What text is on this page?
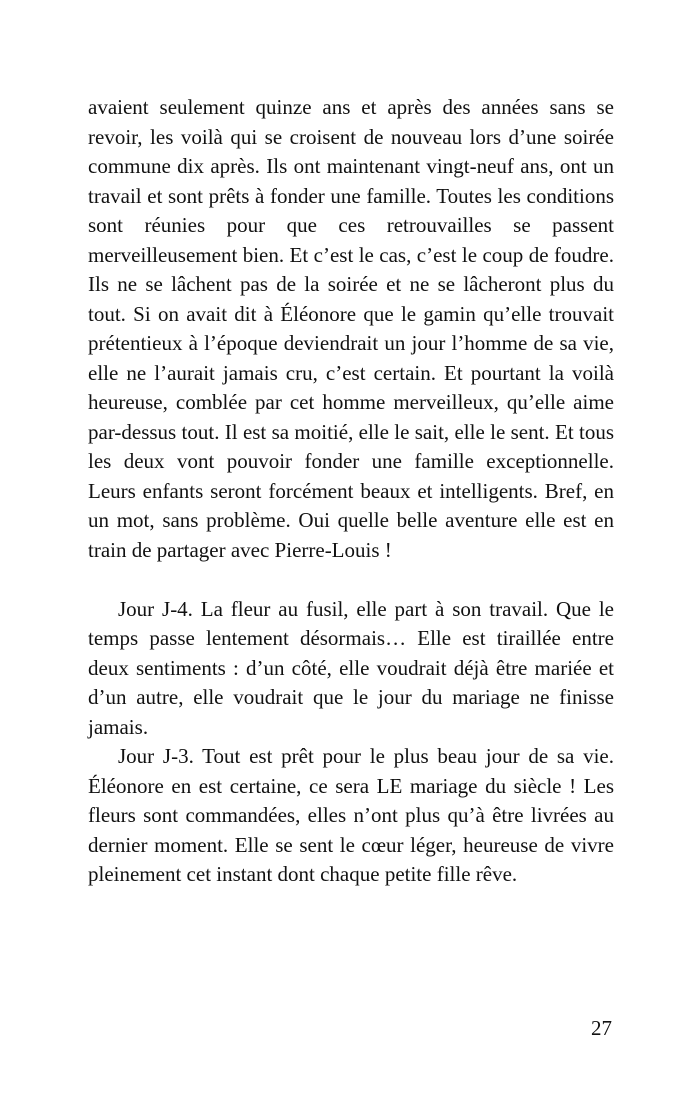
avaient seulement quinze ans et après des années sans se revoir, les voilà qui se croisent de nouveau lors d’une soirée commune dix après. Ils ont maintenant vingt-neuf ans, ont un travail et sont prêts à fonder une famille. Toutes les conditions sont réunies pour que ces retrouvailles se passent merveilleusement bien. Et c’est le cas, c’est le coup de foudre. Ils ne se lâchent pas de la soirée et ne se lâcheront plus du tout. Si on avait dit à Éléonore que le gamin qu’elle trouvait prétentieux à l’époque deviendrait un jour l’homme de sa vie, elle ne l’aurait jamais cru, c’est certain. Et pourtant la voilà heureuse, comblée par cet homme merveilleux, qu’elle aime par-dessus tout. Il est sa moitié, elle le sait, elle le sent. Et tous les deux vont pouvoir fonder une famille exceptionnelle. Leurs enfants seront forcément beaux et intelligents. Bref, en un mot, sans problème. Oui quelle belle aventure elle est en train de partager avec Pierre-Louis !

Jour J-4. La fleur au fusil, elle part à son travail. Que le temps passe lentement désormais… Elle est tiraillée entre deux sentiments : d’un côté, elle voudrait déjà être mariée et d’un autre, elle voudrait que le jour du mariage ne finisse jamais.

Jour J-3. Tout est prêt pour le plus beau jour de sa vie. Éléonore en est certaine, ce sera LE mariage du siècle ! Les fleurs sont commandées, elles n’ont plus qu’à être livrées au dernier moment. Elle se sent le cœur léger, heureuse de vivre pleinement cet instant dont chaque petite fille rêve.

27
